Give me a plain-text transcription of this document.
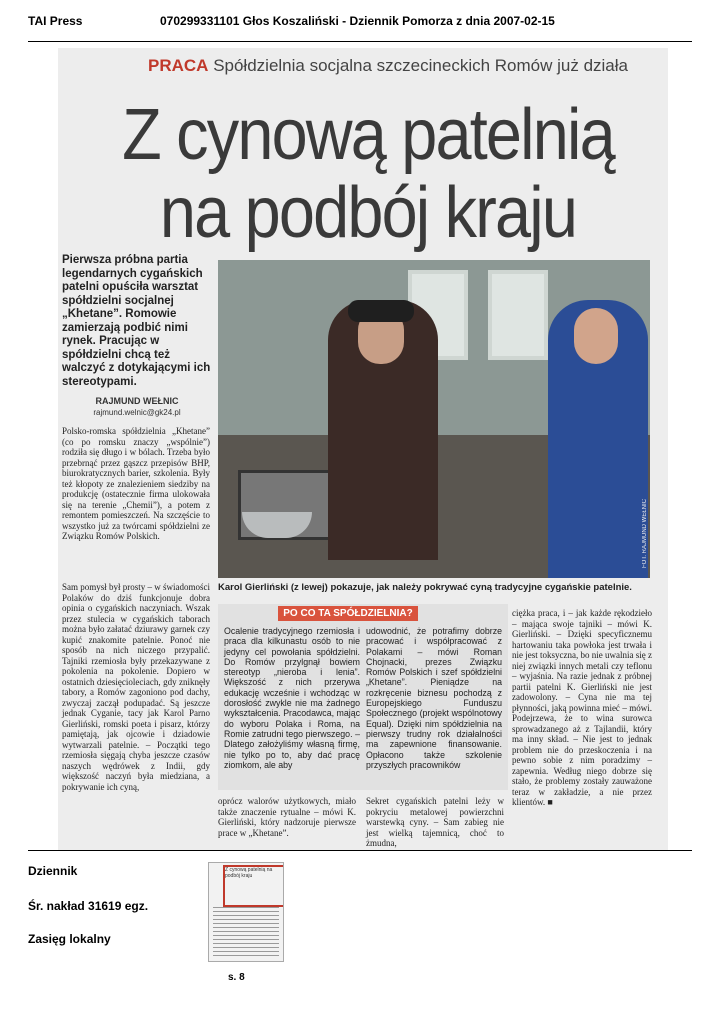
TAI Press	070299331101 Głos Koszaliński - Dziennik Pomorza z dnia 2007-02-15
PRACA Spółdzielnia socjalna szczecineckich Romów już działa
Z cynową patelnią
na podbój kraju
Pierwsza próbna partia legendarnych cygańskich patelni opuściła warsztat spółdzielni socjalnej „Khetane”. Romowie zamierzają podbić nimi rynek. Pracując w spółdzielni chcą też walczyć z dotykającymi ich stereotypami.
RAJMUND WEŁNIC
rajmund.welnic@gk24.pl
FOT. RAJMUND WEŁNIC
Karol Gierliński (z lewej) pokazuje, jak należy pokrywać cyną tradycyjne cygańskie patelnie.
Polsko-romska spółdzielnia „Khetane” (co po romsku znaczy „wspólnie”) rodziła się długo i w bólach. Trzeba było przebrnąć przez gąszcz przepisów BHP, biurokratycznych barier, szkolenia. Były też kłopoty ze znalezieniem siedziby na produkcję (ostatecznie firma ulokowała się na terenie „Chemii”), a potem z remontem pomieszczeń. Na szczęście to wszystko już za twórcami spółdzielni ze Związku Romów Polskich.
Sam pomysł był prosty – w świadomości Polaków do dziś funkcjonuje dobra opinia o cygańskich naczyniach. Wszak przez stulecia w cygańskich taborach można było załatać dziurawy garnek czy kupić znakomite patelnie. Ponoć nie sposób na nich niczego przypalić. Tajniki rzemiosła były przekazywane z pokolenia na pokolenie. Dopiero w ostatnich dziesięcioleciach, gdy zniknęły tabory, a Romów zagoniono pod dachy, zwyczaj zaczął podupadać. Są jeszcze jednak Cyganie, tacy jak Karol Parno Gierliński, romski poeta i pisarz, którzy pamiętają, jak ojcowie i dziadowie wytwarzali patelnie. – Początki tego rzemiosła sięgają chyba jeszcze czasów naszych wędrówek z Indii, gdy większość naczyń była miedziana, a pokrywanie ich cyną,
PO CO TA SPÓŁDZIELNIA?
Ocalenie tradycyjnego rzemiosła i praca dla kilkunastu osób to nie jedyny cel powołania spółdzielni. Do Romów przylgnął bowiem stereotyp „nieroba i lenia”. Większość z nich przerywa edukację wcześnie i wchodząc w dorosłość zwykle nie ma żadnego wykształcenia. Pracodawca, mając do wyboru Polaka i Roma, na Romie zatrudni tego pierwszego. – Dlatego założyliśmy własną firmę, nie tylko po to, aby dać pracę ziomkom, ale aby
udowodnić, że potrafimy dobrze pracować i współpracować z Polakami – mówi Roman Chojnacki, prezes Związku Romów Polskich i szef spółdzielni „Khetane”. Pieniądze na rozkręcenie biznesu pochodzą z Europejskiego Funduszu Społecznego (projekt wspólnotowy Equal). Dzięki nim spółdzielnia na pierwszy trudny rok działalności ma zapewnione finansowanie. Opłacono także szkolenie przyszłych pracowników
oprócz walorów użytkowych, miało także znaczenie rytualne – mówi K. Gierliński, który nadzoruje pierwsze prace w „Khetane”.
Sekret cygańskich patelni leży w pokryciu metalowej powierzchni warstewką cyny. – Sam zabieg nie jest wielką tajemnicą, choć to żmudna,
ciężka praca, i – jak każde rękodzieło – mająca swoje tajniki – mówi K. Gierliński. – Dzięki specyficznemu hartowaniu taka powłoka jest trwała i nie jest toksyczna, bo nie uwalnia się z niej związki innych metali czy teflonu – wyjaśnia. Na razie jednak z próbnej partii patelni K. Gierliński nie jest zadowolony. – Cyna nie ma tej płynności, jaką powinna mieć – mówi. Podejrzewa, że to wina surowca sprowadzanego aż z Tajlandii, który ma inny skład. – Nie jest to jednak problem nie do przeskoczenia i na pewno sobie z nim poradzimy – zapewnia. Według niego dobrze się stało, że problemy zostały zauważone teraz w zakładzie, a nie przez klientów. ■
Dziennik
Śr. nakład 31619 egz.
Zasięg lokalny
Z cynową patelnią na podbój kraju
s. 8
